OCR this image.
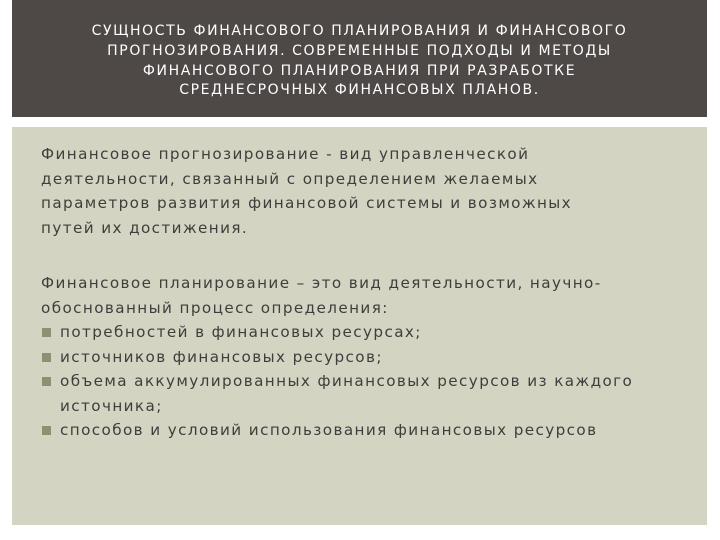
СУЩНОСТЬ ФИНАНСОВОГО ПЛАНИРОВАНИЯ И ФИНАНСОВОГО
ПРОГНОЗИРОВАНИЯ. СОВРЕМЕННЫЕ ПОДХОДЫ И МЕТОДЫ
ФИНАНСОВОГО ПЛАНИРОВАНИЯ ПРИ РАЗРАБОТКЕ
СРЕДНЕСРОЧНЫХ ФИНАНСОВЫХ ПЛАНОВ.

Финансовое прогнозирование - вид управленческой
деятельности, связанный с определением желаемых
параметров развития финансовой системы и возможных
путей их достижения.

Финансовое планирование – это вид деятельности, научно-
обоснованный процесс определения:

потребностей в финансовых ресурсах;
источников финансовых ресурсов;
объема аккумулированных финансовых ресурсов из каждого
источника;
способов и условий использования финансовых ресурсов
